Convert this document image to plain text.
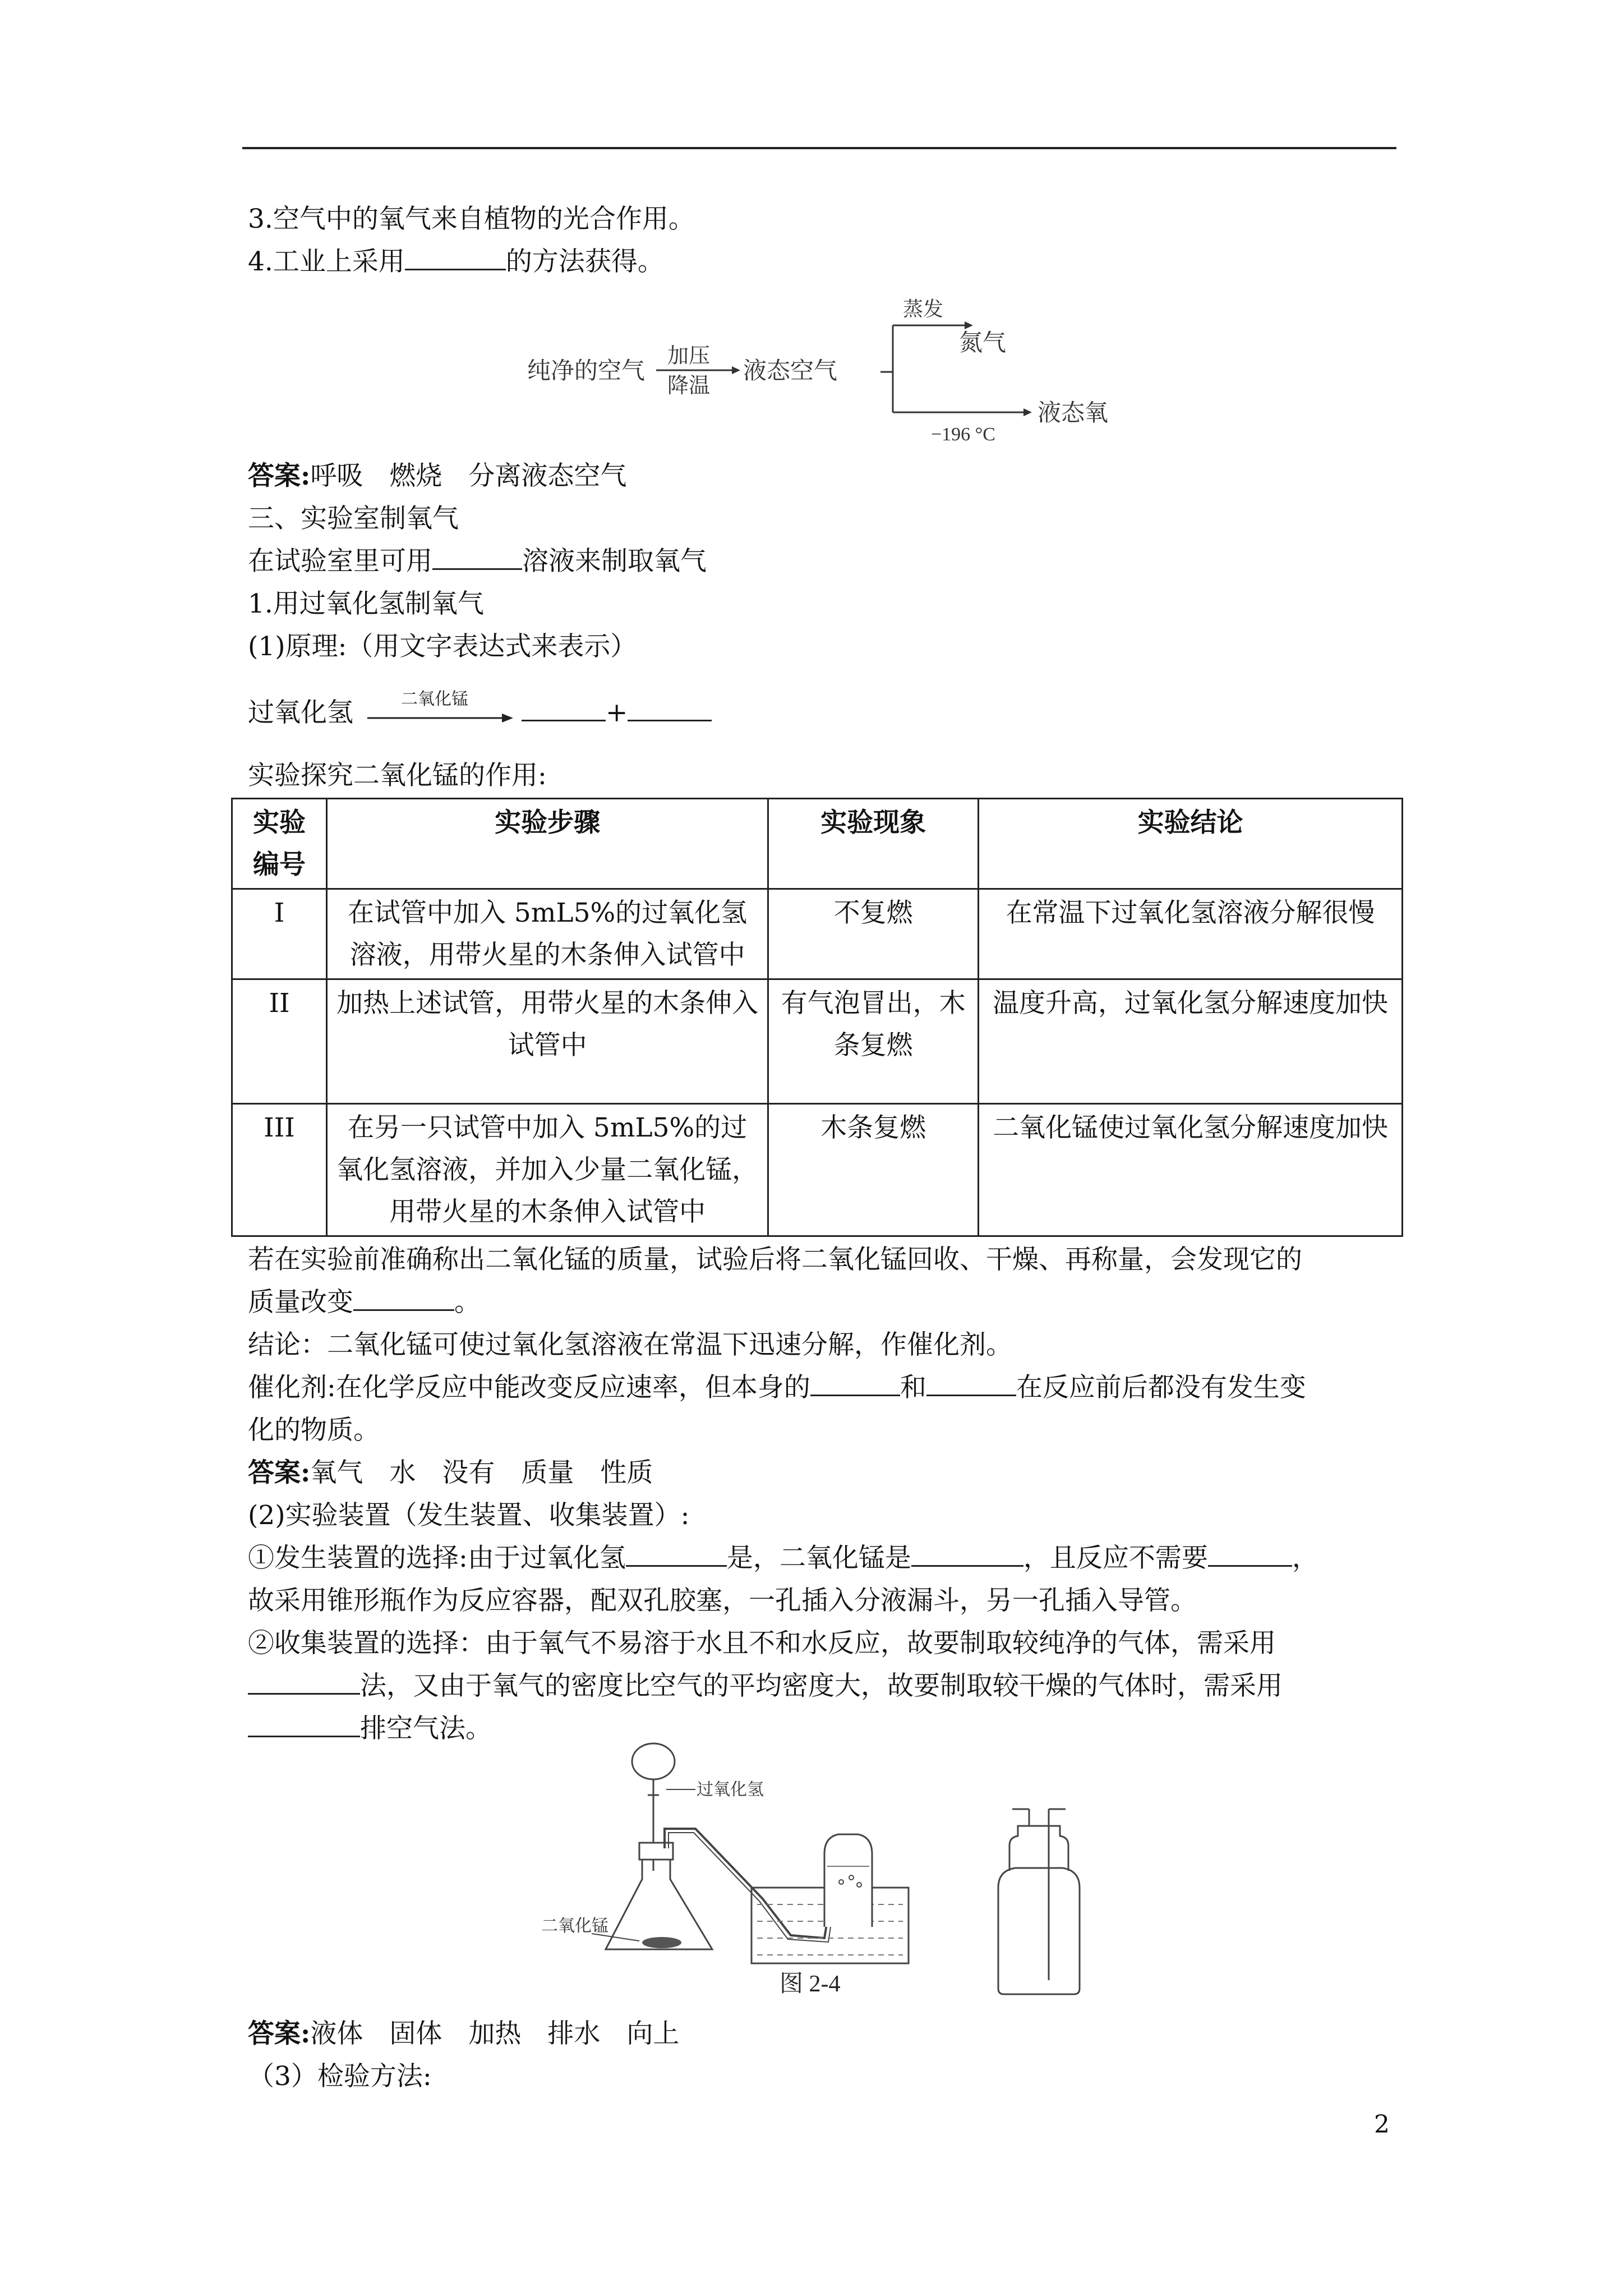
3.空气中的氧气来自植物的光合作用。
4.工业上采用	的方法获得。
纯净的空气
加压
降温
液态空气
蒸发
氮气
液态氧
−196 °C
答案:呼吸　燃烧　分离液态空气
三、实验室制氧气
在试验室里可用	溶液来制取氧气
1.用过氧化氢制氧气
(1)原理:（用文字表达式来表示）
过氧化氢	二氧化锰	+
实验探究二氧化锰的作用:
实验编号	实验步骤	实验现象	实验结论
I	在试管中加入 5mL5%的过氧化氢溶液，用带火星的木条伸入试管中	不复燃	在常温下过氧化氢溶液分解很慢
II	加热上述试管，用带火星的木条伸入试管中	有气泡冒出，木条复燃	温度升高，过氧化氢分解速度加快
III	在另一只试管中加入 5mL5%的过氧化氢溶液，并加入少量二氧化锰，用带火星的木条伸入试管中	木条复燃	二氧化锰使过氧化氢分解速度加快
若在实验前准确称出二氧化锰的质量，试验后将二氧化锰回收、干燥、再称量，会发现它的
质量改变	。
结论：二氧化锰可使过氧化氢溶液在常温下迅速分解，作催化剂。
催化剂:在化学反应中能改变反应速率，但本身的	和	在反应前后都没有发生变
化的物质。
答案:氧气　水　没有　质量　性质
(2)实验装置（发生装置、收集装置）:
①发生装置的选择:由于过氧化氢	是，二氧化锰是	，且反应不需要	，
故采用锥形瓶作为反应容器，配双孔胶塞，一孔插入分液漏斗，另一孔插入导管。
②收集装置的选择：由于氧气不易溶于水且不和水反应，故要制取较纯净的气体，需采用
法，又由于氧气的密度比空气的平均密度大，故要制取较干燥的气体时，需采用
排空气法。
过氧化氢
二氧化锰
图 2-4
答案:液体　固体　加热　排水　向上
（3）检验方法:
2
